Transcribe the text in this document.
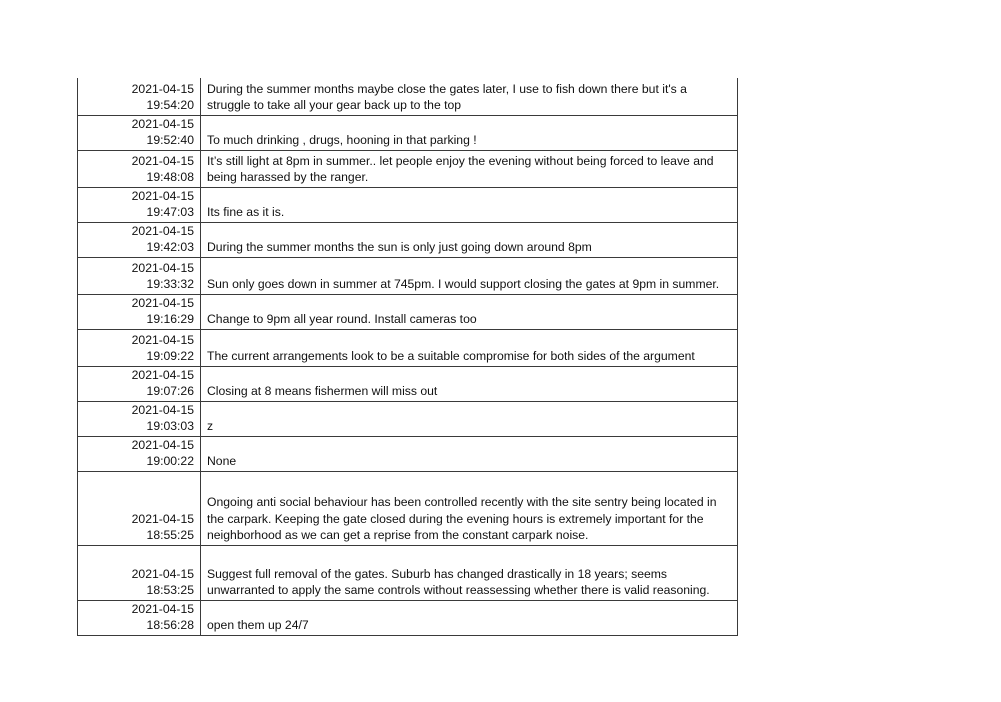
2021-04-15
19:54:20	During the summer months maybe close the gates later, I use to fish down there but it's a struggle to take all your gear back up to the top

2021-04-15
19:52:40	To much drinking , drugs, hooning in that parking !

2021-04-15
19:48:08	It’s still light at 8pm in summer.. let people enjoy the evening without being forced to leave and being harassed by the ranger.

2021-04-15
19:47:03	Its fine as it is.

2021-04-15
19:42:03	During the summer months the sun is only just going down around 8pm

2021-04-15
19:33:32	Sun only goes down in summer at 745pm. I would support closing the gates at 9pm in summer.

2021-04-15
19:16:29	Change to 9pm all year round. Install cameras too

2021-04-15
19:09:22	The current arrangements look to be a suitable compromise for both sides of the argument

2021-04-15
19:07:26	Closing at 8 means fishermen will miss out

2021-04-15
19:03:03	z

2021-04-15
19:00:22	None

2021-04-15
18:55:25	Ongoing anti social behaviour has been controlled recently with the site sentry being located in the carpark. Keeping the gate closed during the evening hours is extremely important for the neighborhood as we can get a reprise from the constant carpark noise.

2021-04-15
18:53:25	Suggest full removal of the gates. Suburb has changed drastically in 18 years; seems unwarranted to apply the same controls without reassessing whether there is valid reasoning.

2021-04-15
18:56:28	open them up 24/7
